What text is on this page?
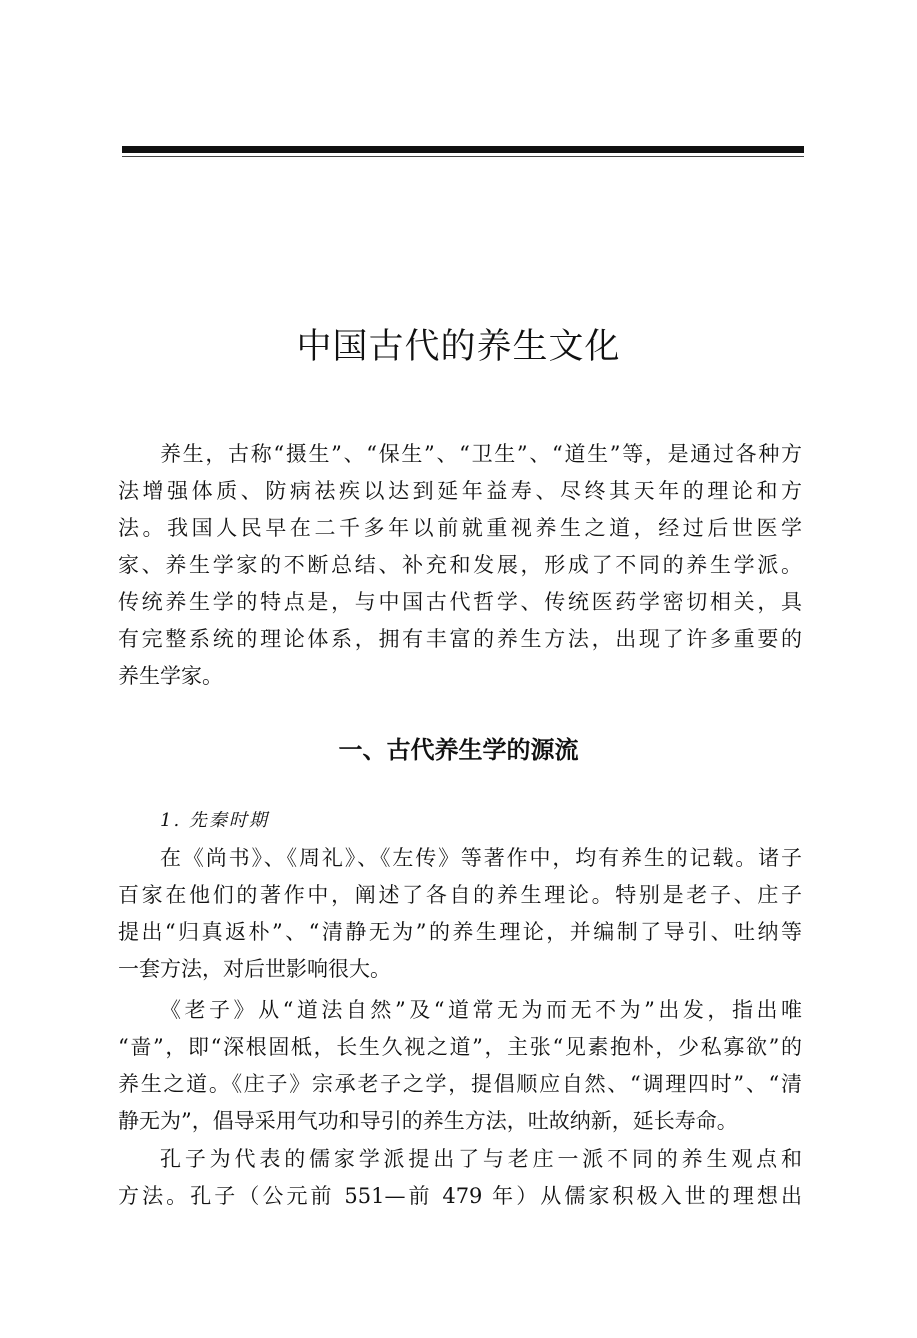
中国古代的养生文化
养生，古称“摄生”、“保生”、“卫生”、“道生”等，是通过各种方
法增强体质、防病祛疾以达到延年益寿、尽终其天年的理论和方
法。我国人民早在二千多年以前就重视养生之道，经过后世医学
家、养生学家的不断总结、补充和发展，形成了不同的养生学派。
传统养生学的特点是，与中国古代哲学、传统医药学密切相关，具
有完整系统的理论体系，拥有丰富的养生方法，出现了许多重要的
养生学家。
一、古代养生学的源流
1. 先秦时期
在《尚书》、《周礼》、《左传》等著作中，均有养生的记载。诸子
百家在他们的著作中，阐述了各自的养生理论。特别是老子、庄子
提出“归真返朴”、“清静无为”的养生理论，并编制了导引、吐纳等
一套方法，对后世影响很大。
《老子》从“道法自然”及“道常无为而无不为”出发，指出唯
“啬”，即“深根固柢，长生久视之道”，主张“见素抱朴，少私寡欲”的
养生之道。《庄子》宗承老子之学，提倡顺应自然、“调理四时”、“清
静无为”，倡导采用气功和导引的养生方法，吐故纳新，延长寿命。
孔子为代表的儒家学派提出了与老庄一派不同的养生观点和
方法。孔子（公元前 551—前 479 年）从儒家积极入世的理想出
